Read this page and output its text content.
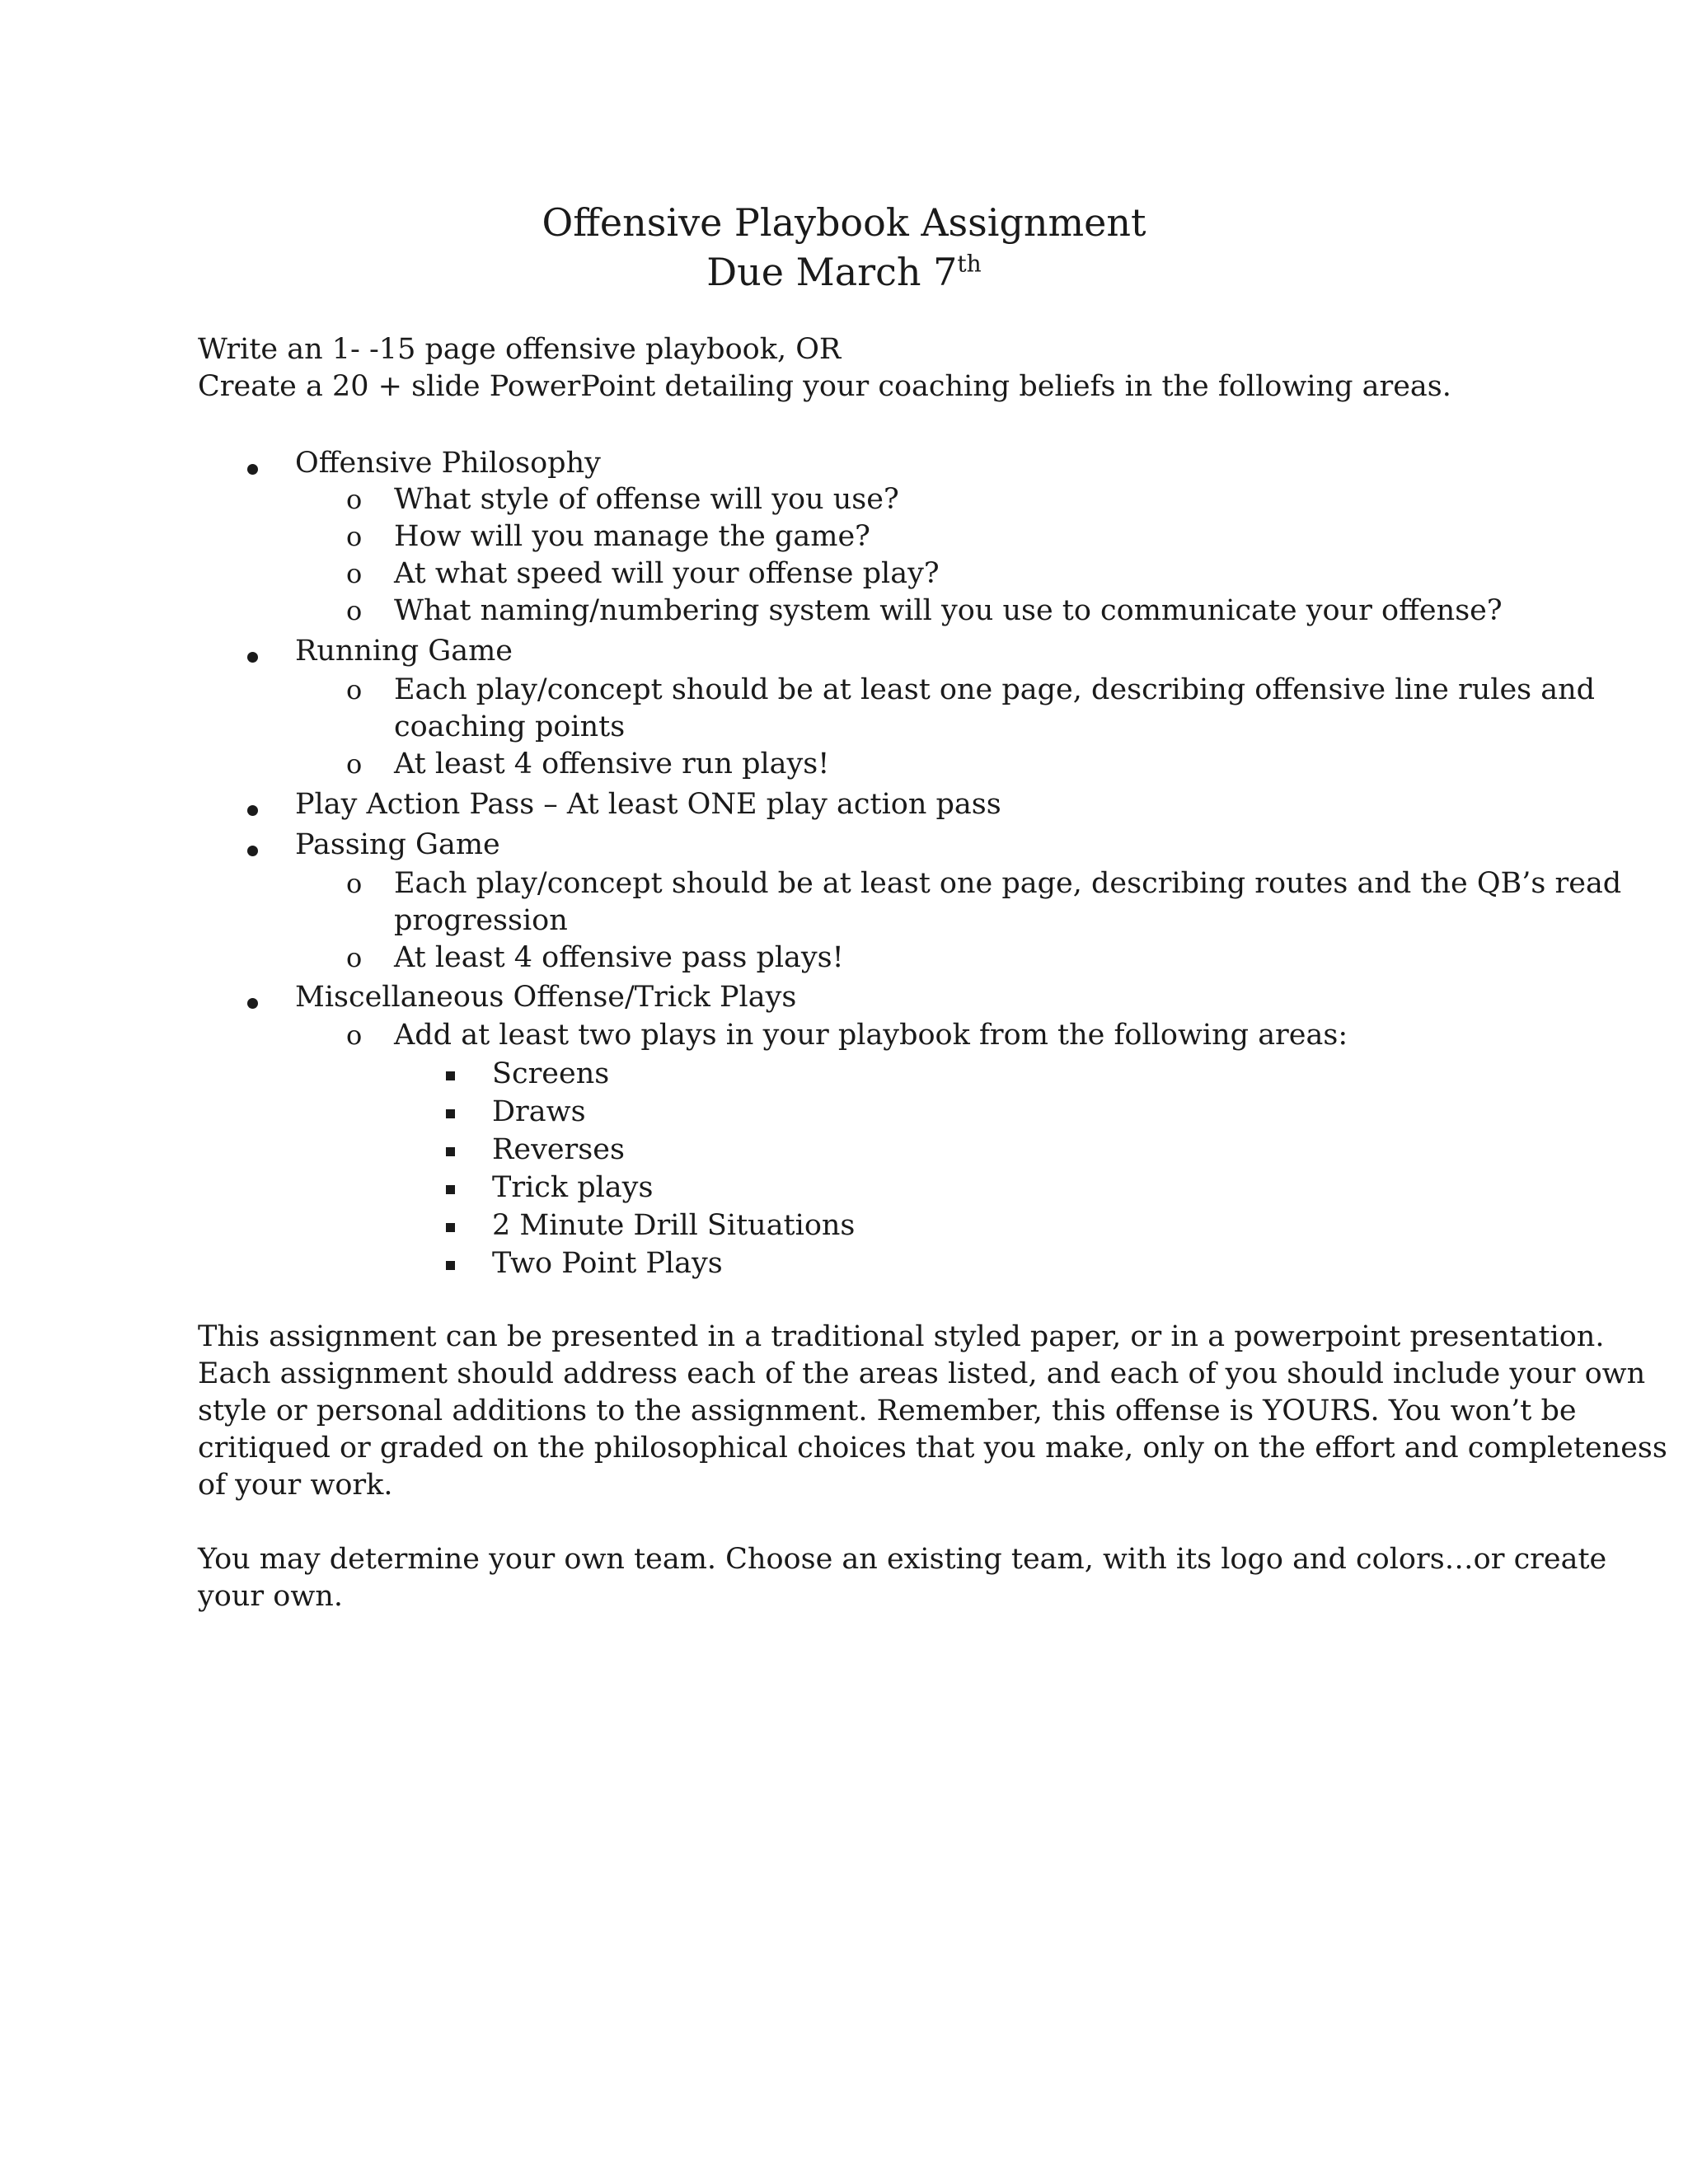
Offensive Playbook Assignment
Due March 7th
Write an 1- -15 page offensive playbook, OR
Create a 20 + slide PowerPoint detailing your coaching beliefs in the following areas.
Offensive Philosophy
o What style of offense will you use?
o How will you manage the game?
o At what speed will your offense play?
o What naming/numbering system will you use to communicate your offense?
Running Game
o Each play/concept should be at least one page, describing offensive line rules and
coaching points
o At least 4 offensive run plays!
Play Action Pass – At least ONE play action pass
Passing Game
o Each play/concept should be at least one page, describing routes and the QB’s read
progression
o At least 4 offensive pass plays!
Miscellaneous Offense/Trick Plays
o Add at least two plays in your playbook from the following areas:
Screens
Draws
Reverses
Trick plays
2 Minute Drill Situations
Two Point Plays
This assignment can be presented in a traditional styled paper, or in a powerpoint presentation.
Each assignment should address each of the areas listed, and each of you should include your own
style or personal additions to the assignment. Remember, this offense is YOURS. You won’t be
critiqued or graded on the philosophical choices that you make, only on the effort and completeness
of your work.
You may determine your own team. Choose an existing team, with its logo and colors…or create
your own.
